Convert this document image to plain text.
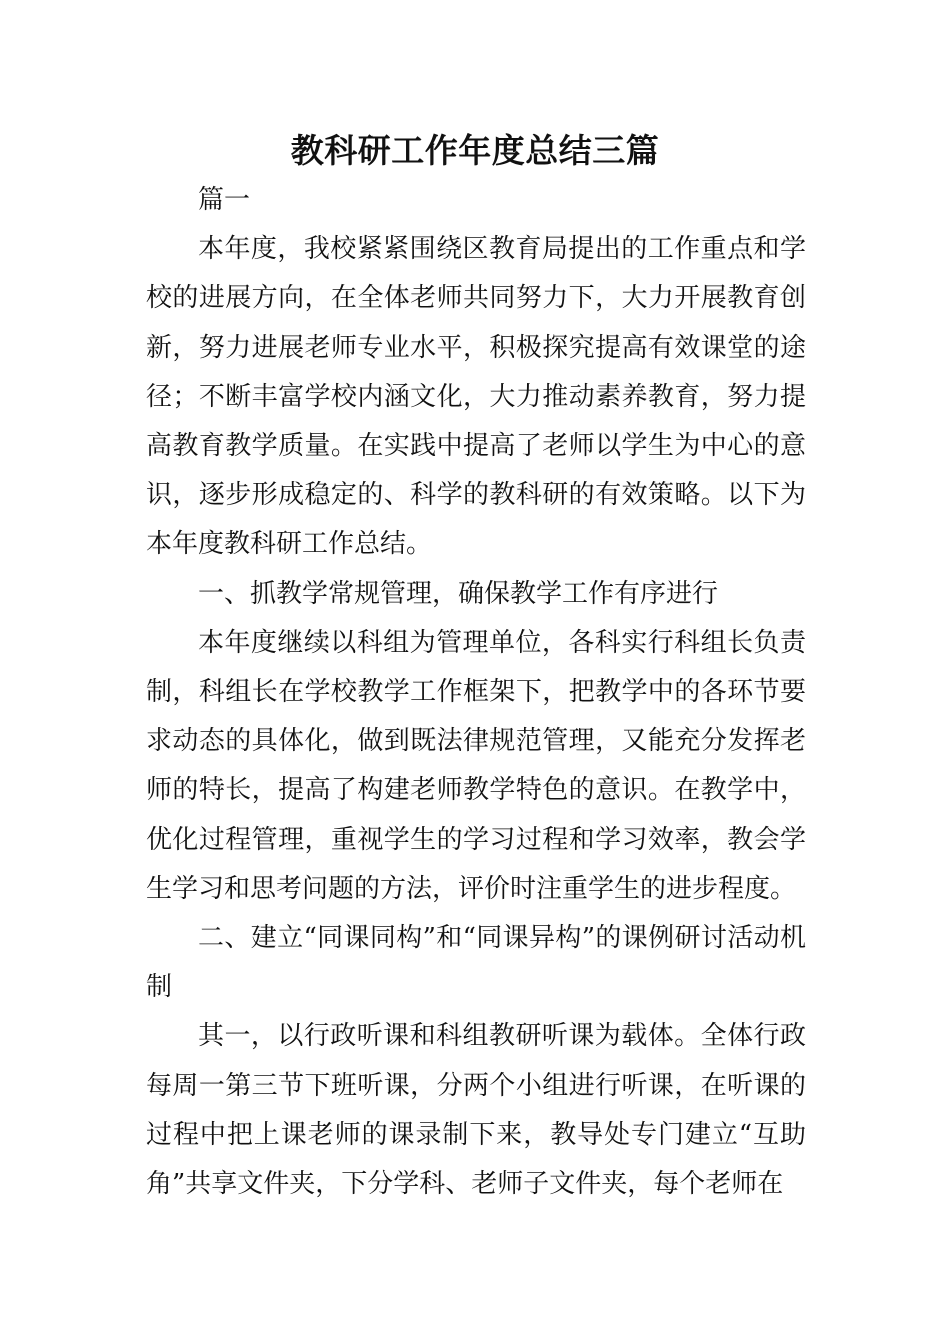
教科研工作年度总结三篇

篇一

本年度，我校紧紧围绕区教育局提出的工作重点和学校的进展方向，在全体老师共同努力下，大力开展教育创新，努力进展老师专业水平，积极探究提高有效课堂的途径；不断丰富学校内涵文化，大力推动素养教育，努力提高教育教学质量。在实践中提高了老师以学生为中心的意识，逐步形成稳定的、科学的教科研的有效策略。以下为本年度教科研工作总结。

一、抓教学常规管理，确保教学工作有序进行

本年度继续以科组为管理单位，各科实行科组长负责制，科组长在学校教学工作框架下，把教学中的各环节要求动态的具体化，做到既法律规范管理，又能充分发挥老师的特长，提高了构建老师教学特色的意识。在教学中，优化过程管理，重视学生的学习过程和学习效率，教会学生学习和思考问题的方法，评价时注重学生的进步程度。

二、建立“同课同构”和“同课异构”的课例研讨活动机制

其一，以行政听课和科组教研听课为载体。全体行政每周一第三节下班听课，分两个小组进行听课，在听课的过程中把上课老师的课录制下来，教导处专门建立“互助角”共享文件夹，下分学科、老师子文件夹，每个老师在
